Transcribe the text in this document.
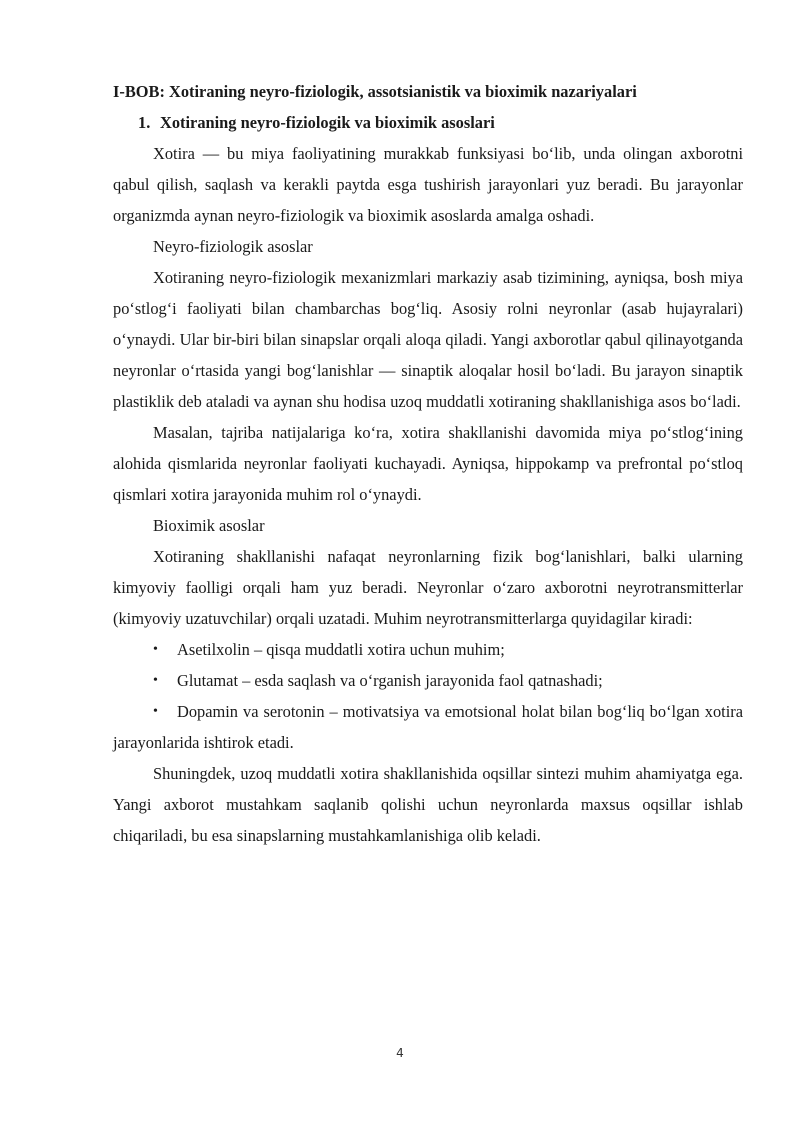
I-BOB: Xotiraning neyro-fiziologik, assotsianistik va bioximik nazariyalari
1. Xotiraning neyro-fiziologik va bioximik asoslari

Xotira — bu miya faoliyatining murakkab funksiyasi bo‘lib, unda olingan axborotni qabul qilish, saqlash va kerakli paytda esga tushirish jarayonlari yuz beradi. Bu jarayonlar organizmda aynan neyro-fiziologik va bioximik asoslarda amalga oshadi.

Neyro-fiziologik asoslar

Xotiraning neyro-fiziologik mexanizmlari markaziy asab tizimining, ayniqsa, bosh miya po‘stlog‘i faoliyati bilan chambarchas bog‘liq. Asosiy rolni neyronlar (asab hujayralari) o‘ynaydi. Ular bir-biri bilan sinapslar orqali aloqa qiladi. Yangi axborotlar qabul qilinayotganda neyronlar o‘rtasida yangi bog‘lanishlar — sinaptik aloqalar hosil bo‘ladi. Bu jarayon sinaptik plastiklik deb ataladi va aynan shu hodisa uzoq muddatli xotiraning shakllanishiga asos bo‘ladi.

Masalan, tajriba natijalariga ko‘ra, xotira shakllanishi davomida miya po‘stlog‘ining alohida qismlarida neyronlar faoliyati kuchayadi. Ayniqsa, hippokamp va prefrontal po‘stloq qismlari xotira jarayonida muhim rol o‘ynaydi.

Bioximik asoslar

Xotiraning shakllanishi nafaqat neyronlarning fizik bog‘lanishlari, balki ularning kimyoviy faolligi orqali ham yuz beradi. Neyronlar o‘zaro axborotni neyrotransmitterlar (kimyoviy uzatuvchilar) orqali uzatadi. Muhim neyrotransmitterlarga quyidagilar kiradi:

• Asetilxolin – qisqa muddatli xotira uchun muhim;
• Glutamat – esda saqlash va o‘rganish jarayonida faol qatnashadi;
• Dopamin va serotonin – motivatsiya va emotsional holat bilan bog‘liq bo‘lgan xotira jarayonlarida ishtirok etadi.

Shuningdek, uzoq muddatli xotira shakllanishida oqsillar sintezi muhim ahamiyatga ega. Yangi axborot mustahkam saqlanib qolishi uchun neyronlarda maxsus oqsillar ishlab chiqariladi, bu esa sinapslarning mustahkamlanishiga olib keladi.

4
